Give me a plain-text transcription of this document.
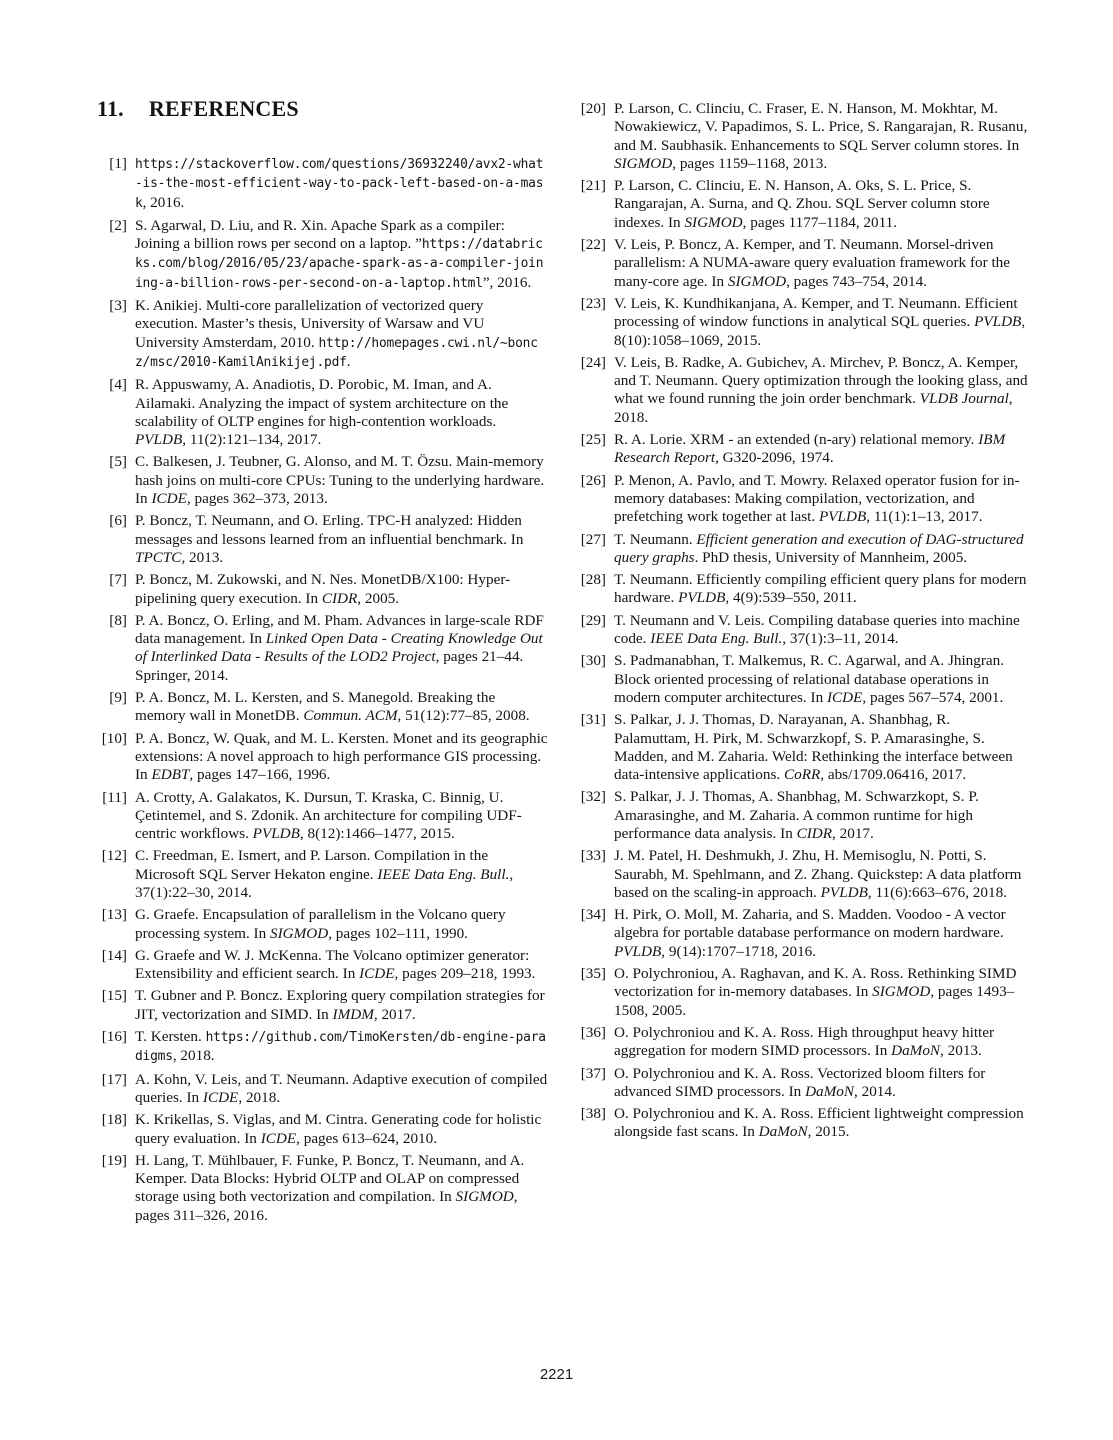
11. REFERENCES
[1] https://stackoverflow.com/questions/36932240/avx2-what-is-the-most-efficient-way-to-pack-left-based-on-a-mask, 2016.
[2] S. Agarwal, D. Liu, and R. Xin. Apache Spark as a compiler: Joining a billion rows per second on a laptop. ”https://databricks.com/blog/2016/05/23/apache-spark-as-a-compiler-joining-a-billion-rows-per-second-on-a-laptop.html”, 2016.
[3] K. Anikiej. Multi-core parallelization of vectorized query execution. Master’s thesis, University of Warsaw and VU University Amsterdam, 2010. http://homepages.cwi.nl/~boncz/msc/2010-KamilAnikijej.pdf.
[4] R. Appuswamy, A. Anadiotis, D. Porobic, M. Iman, and A. Ailamaki. Analyzing the impact of system architecture on the scalability of OLTP engines for high-contention workloads. PVLDB, 11(2):121–134, 2017.
[5] C. Balkesen, J. Teubner, G. Alonso, and M. T. Özsu. Main-memory hash joins on multi-core CPUs: Tuning to the underlying hardware. In ICDE, pages 362–373, 2013.
[6] P. Boncz, T. Neumann, and O. Erling. TPC-H analyzed: Hidden messages and lessons learned from an influential benchmark. In TPCTC, 2013.
[7] P. Boncz, M. Zukowski, and N. Nes. MonetDB/X100: Hyper-pipelining query execution. In CIDR, 2005.
[8] P. A. Boncz, O. Erling, and M. Pham. Advances in large-scale RDF data management. In Linked Open Data - Creating Knowledge Out of Interlinked Data - Results of the LOD2 Project, pages 21–44. Springer, 2014.
[9] P. A. Boncz, M. L. Kersten, and S. Manegold. Breaking the memory wall in MonetDB. Commun. ACM, 51(12):77–85, 2008.
[10] P. A. Boncz, W. Quak, and M. L. Kersten. Monet and its geographic extensions: A novel approach to high performance GIS processing. In EDBT, pages 147–166, 1996.
[11] A. Crotty, A. Galakatos, K. Dursun, T. Kraska, C. Binnig, U. Çetintemel, and S. Zdonik. An architecture for compiling UDF-centric workflows. PVLDB, 8(12):1466–1477, 2015.
[12] C. Freedman, E. Ismert, and P. Larson. Compilation in the Microsoft SQL Server Hekaton engine. IEEE Data Eng. Bull., 37(1):22–30, 2014.
[13] G. Graefe. Encapsulation of parallelism in the Volcano query processing system. In SIGMOD, pages 102–111, 1990.
[14] G. Graefe and W. J. McKenna. The Volcano optimizer generator: Extensibility and efficient search. In ICDE, pages 209–218, 1993.
[15] T. Gubner and P. Boncz. Exploring query compilation strategies for JIT, vectorization and SIMD. In IMDM, 2017.
[16] T. Kersten. https://github.com/TimoKersten/db-engine-paradigms, 2018.
[17] A. Kohn, V. Leis, and T. Neumann. Adaptive execution of compiled queries. In ICDE, 2018.
[18] K. Krikellas, S. Viglas, and M. Cintra. Generating code for holistic query evaluation. In ICDE, pages 613–624, 2010.
[19] H. Lang, T. Mühlbauer, F. Funke, P. Boncz, T. Neumann, and A. Kemper. Data Blocks: Hybrid OLTP and OLAP on compressed storage using both vectorization and compilation. In SIGMOD, pages 311–326, 2016.
[20] P. Larson, C. Clinciu, C. Fraser, E. N. Hanson, M. Mokhtar, M. Nowakiewicz, V. Papadimos, S. L. Price, S. Rangarajan, R. Rusanu, and M. Saubhasik. Enhancements to SQL Server column stores. In SIGMOD, pages 1159–1168, 2013.
[21] P. Larson, C. Clinciu, E. N. Hanson, A. Oks, S. L. Price, S. Rangarajan, A. Surna, and Q. Zhou. SQL Server column store indexes. In SIGMOD, pages 1177–1184, 2011.
[22] V. Leis, P. Boncz, A. Kemper, and T. Neumann. Morsel-driven parallelism: A NUMA-aware query evaluation framework for the many-core age. In SIGMOD, pages 743–754, 2014.
[23] V. Leis, K. Kundhikanjana, A. Kemper, and T. Neumann. Efficient processing of window functions in analytical SQL queries. PVLDB, 8(10):1058–1069, 2015.
[24] V. Leis, B. Radke, A. Gubichev, A. Mirchev, P. Boncz, A. Kemper, and T. Neumann. Query optimization through the looking glass, and what we found running the join order benchmark. VLDB Journal, 2018.
[25] R. A. Lorie. XRM - an extended (n-ary) relational memory. IBM Research Report, G320-2096, 1974.
[26] P. Menon, A. Pavlo, and T. Mowry. Relaxed operator fusion for in-memory databases: Making compilation, vectorization, and prefetching work together at last. PVLDB, 11(1):1–13, 2017.
[27] T. Neumann. Efficient generation and execution of DAG-structured query graphs. PhD thesis, University of Mannheim, 2005.
[28] T. Neumann. Efficiently compiling efficient query plans for modern hardware. PVLDB, 4(9):539–550, 2011.
[29] T. Neumann and V. Leis. Compiling database queries into machine code. IEEE Data Eng. Bull., 37(1):3–11, 2014.
[30] S. Padmanabhan, T. Malkemus, R. C. Agarwal, and A. Jhingran. Block oriented processing of relational database operations in modern computer architectures. In ICDE, pages 567–574, 2001.
[31] S. Palkar, J. J. Thomas, D. Narayanan, A. Shanbhag, R. Palamuttam, H. Pirk, M. Schwarzkopf, S. P. Amarasinghe, S. Madden, and M. Zaharia. Weld: Rethinking the interface between data-intensive applications. CoRR, abs/1709.06416, 2017.
[32] S. Palkar, J. J. Thomas, A. Shanbhag, M. Schwarzkopt, S. P. Amarasinghe, and M. Zaharia. A common runtime for high performance data analysis. In CIDR, 2017.
[33] J. M. Patel, H. Deshmukh, J. Zhu, H. Memisoglu, N. Potti, S. Saurabh, M. Spehlmann, and Z. Zhang. Quickstep: A data platform based on the scaling-in approach. PVLDB, 11(6):663–676, 2018.
[34] H. Pirk, O. Moll, M. Zaharia, and S. Madden. Voodoo - A vector algebra for portable database performance on modern hardware. PVLDB, 9(14):1707–1718, 2016.
[35] O. Polychroniou, A. Raghavan, and K. A. Ross. Rethinking SIMD vectorization for in-memory databases. In SIGMOD, pages 1493–1508, 2005.
[36] O. Polychroniou and K. A. Ross. High throughput heavy hitter aggregation for modern SIMD processors. In DaMoN, 2013.
[37] O. Polychroniou and K. A. Ross. Vectorized bloom filters for advanced SIMD processors. In DaMoN, 2014.
[38] O. Polychroniou and K. A. Ross. Efficient lightweight compression alongside fast scans. In DaMoN, 2015.
2221
